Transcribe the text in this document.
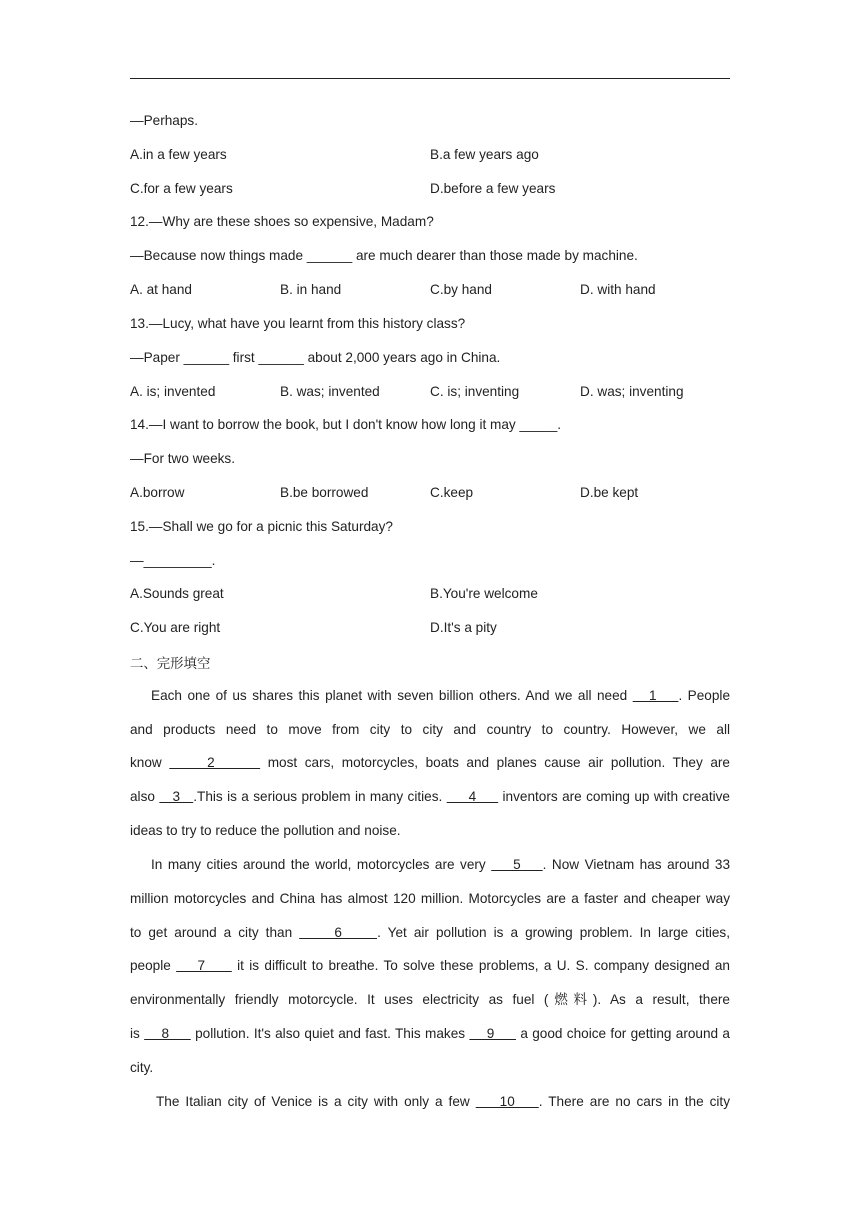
—Perhaps.
A.in a few years	B.a few years ago
C.for a few years	D.before a few years
12.—Why are these shoes so expensive, Madam?
—Because now things made ______ are much dearer than those made by machine.
A. at hand	B. in hand	C.by hand	D. with hand
13.—Lucy, what have you learnt from this history class?
—Paper ______ first ______ about 2,000 years ago in China.
A. is; invented	B. was; invented	C. is; inventing	D. was; inventing
14.—I want to borrow the book, but I don't know how long it may _____.
—For two weeks.
A.borrow	B.be borrowed	C.keep	D.be kept
15.—Shall we go for a picnic this Saturday?
—_________.
A.Sounds great	B.You're welcome
C.You are right	D.It's a pity
二、完形填空
Each one of us shares this planet with seven billion others. And we all need    1    . People
and products need to move from city to city and country to country. However, we all
know      2       most cars, motorcycles, boats and planes cause air pollution. They are
also    3   .This is a serious problem in many cities.      4      inventors are coming up with creative
ideas to try to reduce the pollution and noise.
In many cities around the world, motorcycles are very     5    . Now Vietnam has around 33
million motorcycles and China has almost 120 million. Motorcycles are a faster and cheaper way
to get around a city than      6     . Yet air pollution is a growing problem. In large cities,
people     7      it is difficult to breathe. To solve these problems, a U. S. company designed an
environmentally friendly motorcycle. It uses electricity as fuel (燃料). As a result, there
is     8      pollution. It's also quiet and fast. This makes     9      a good choice for getting around a
city.
The Italian city of Venice is a city with only a few     10    . There are no cars in the city
